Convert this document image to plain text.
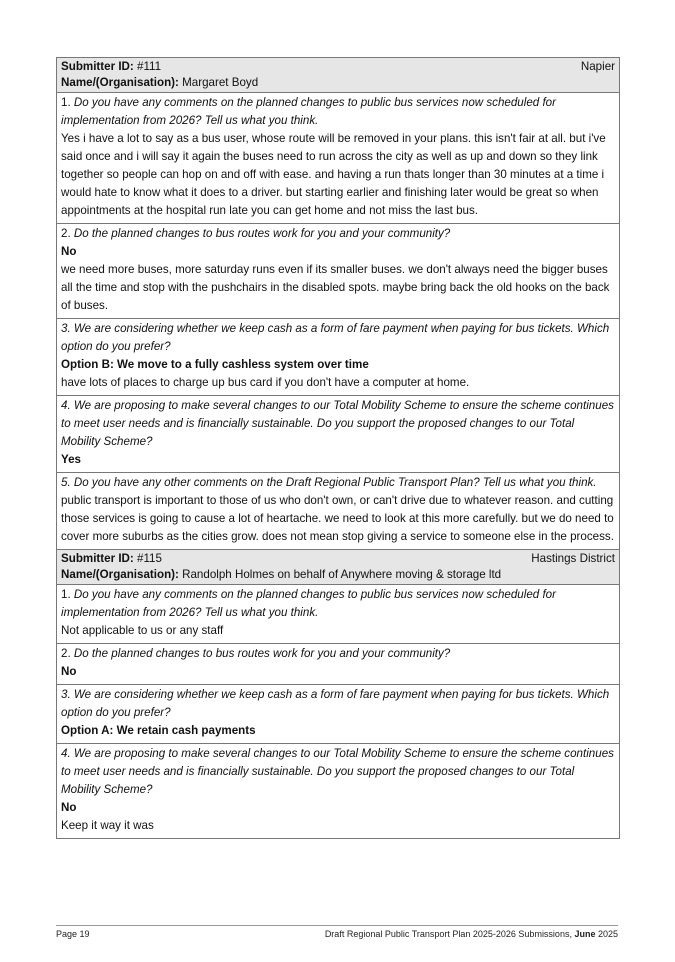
Submitter ID: #111	Napier
Name/(Organisation): Margaret Boyd
1. Do you have any comments on the planned changes to public bus services now scheduled for implementation from 2026? Tell us what you think.
Yes i have a lot to say as a bus user, whose route will be removed in your plans. this isn't fair at all. but i've said once and i will say it again the buses need to run across the city as well as up and down so they link together so people can hop on and off with ease. and having a run thats longer than 30 minutes at a time i would hate to know what it does to a driver. but starting earlier and finishing later would be great so when appointments at the hospital run late you can get home and not miss the last bus.
2. Do the planned changes to bus routes work for you and your community?
No
we need more buses, more saturday runs even if its smaller buses. we don't always need the bigger buses all the time and stop with the pushchairs in the disabled spots. maybe bring back the old hooks on the back of buses.
3. We are considering whether we keep cash as a form of fare payment when paying for bus tickets. Which option do you prefer?
Option B: We move to a fully cashless system over time
have lots of places to charge up bus card if you don't have a computer at home.
4. We are proposing to make several changes to our Total Mobility Scheme to ensure the scheme continues to meet user needs and is financially sustainable. Do you support the proposed changes to our Total Mobility Scheme?
Yes
5. Do you have any other comments on the Draft Regional Public Transport Plan? Tell us what you think.
public transport is important to those of us who don't own, or can't drive due to whatever reason. and cutting those services is going to cause a lot of heartache. we need to look at this more carefully. but we do need to cover more suburbs as the cities grow. does not mean stop giving a service to someone else in the process.
Submitter ID: #115	Hastings District
Name/(Organisation): Randolph Holmes on behalf of Anywhere moving & storage ltd
1. Do you have any comments on the planned changes to public bus services now scheduled for implementation from 2026? Tell us what you think.
Not applicable to us or any staff
2. Do the planned changes to bus routes work for you and your community?
No
3. We are considering whether we keep cash as a form of fare payment when paying for bus tickets. Which option do you prefer?
Option A: We retain cash payments
4. We are proposing to make several changes to our Total Mobility Scheme to ensure the scheme continues to meet user needs and is financially sustainable. Do you support the proposed changes to our Total Mobility Scheme?
No
Keep it way it was
Page 19	Draft Regional Public Transport Plan 2025-2026 Submissions, June 2025
